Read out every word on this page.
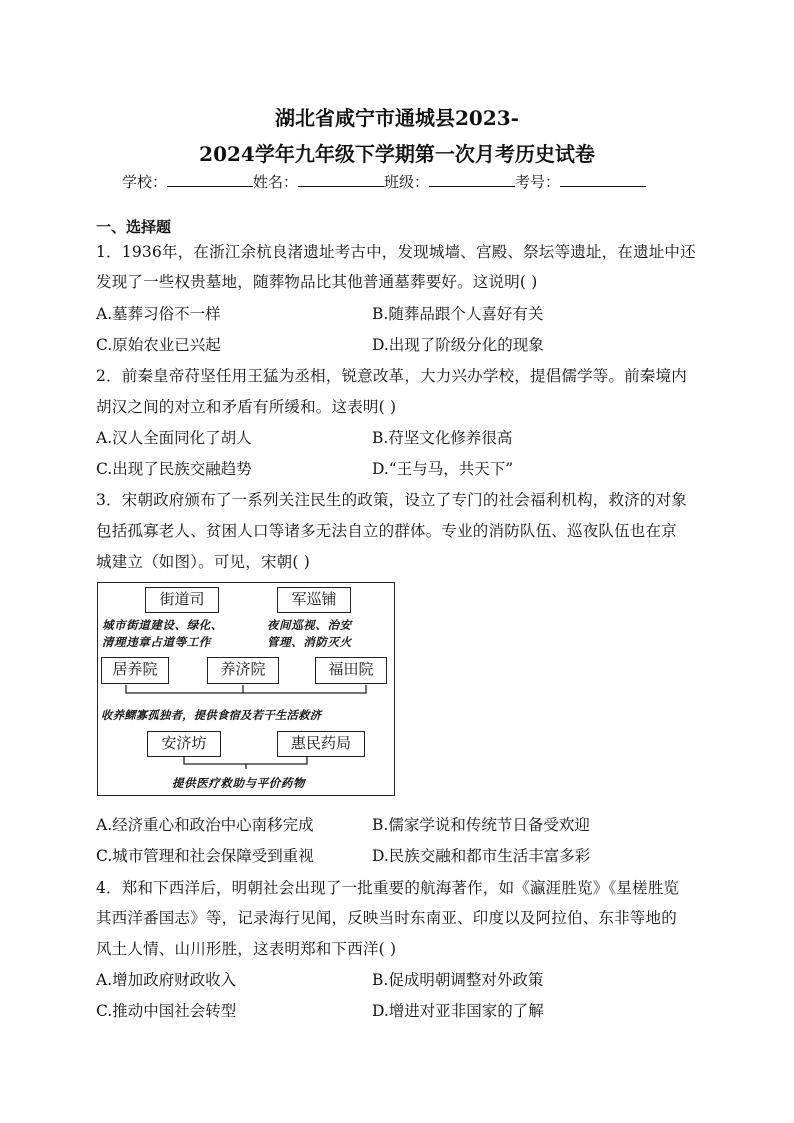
湖北省咸宁市通城县2023-
2024学年九年级下学期第一次月考历史试卷
学校：	姓名：	班级：	考号：
一、选择题
1．1936年，在浙江余杭良渚遗址考古中，发现城墙、宫殿、祭坛等遗址，在遗址中还
发现了一些权贵墓地，随葬物品比其他普通墓葬要好。这说明( )
A.墓葬习俗不一样	B.随葬品跟个人喜好有关
C.原始农业已兴起	D.出现了阶级分化的现象
2．前秦皇帝苻坚任用王猛为丞相，锐意改革，大力兴办学校，提倡儒学等。前秦境内
胡汉之间的对立和矛盾有所缓和。这表明( )
A.汉人全面同化了胡人	B.苻坚文化修养很高
C.出现了民族交融趋势	D.“王与马，共天下”
3．宋朝政府颁布了一系列关注民生的政策，设立了专门的社会福利机构，救济的对象
包括孤寡老人、贫困人口等诸多无法自立的群体。专业的消防队伍、巡夜队伍也在京
城建立（如图）。可见，宋朝( )
街道司	军巡铺
城市街道建设、绿化、
清理违章占道等工作
夜间巡视、治安
管理、消防灭火
居养院	养济院	福田院
收养鳏寡孤独者，提供食宿及若干生活救济
安济坊	惠民药局
提供医疗救助与平价药物
A.经济重心和政治中心南移完成	B.儒家学说和传统节日备受欢迎
C.城市管理和社会保障受到重视	D.民族交融和都市生活丰富多彩
4．郑和下西洋后，明朝社会出现了一批重要的航海著作，如《瀛涯胜览》《星槎胜览
其西洋番国志》等，记录海行见闻，反映当时东南亚、印度以及阿拉伯、东非等地的
风土人情、山川形胜，这表明郑和下西洋( )
A.增加政府财政收入	B.促成明朝调整对外政策
C.推动中国社会转型	D.增进对亚非国家的了解
